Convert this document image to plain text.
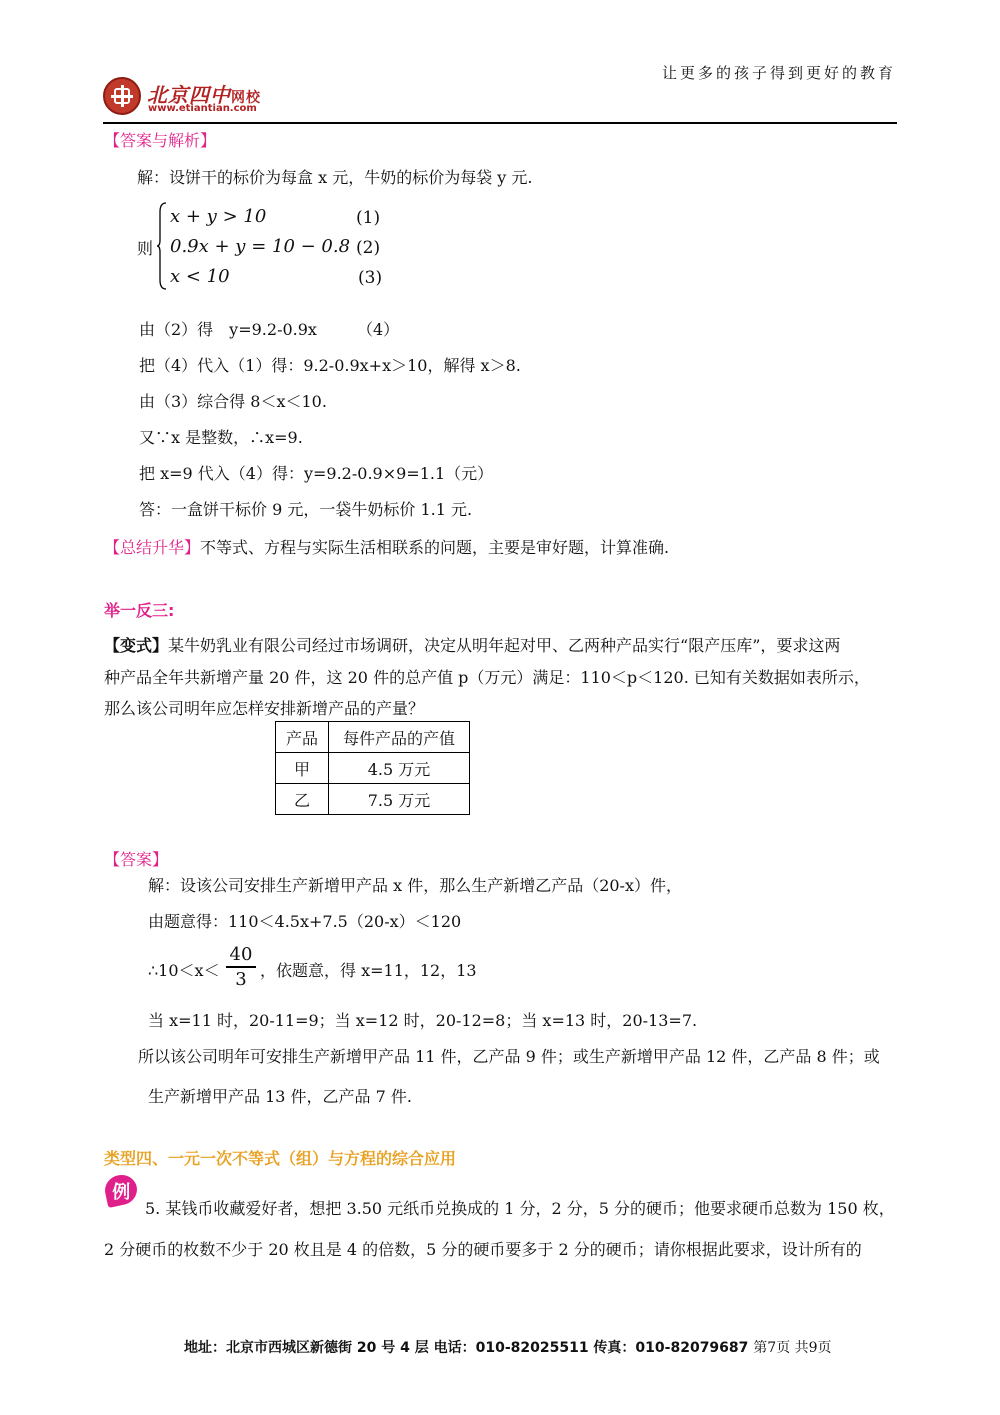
北京四中网校
www.etiantian.com
让更多的孩子得到更好的教育
【答案与解析】
解：设饼干的标价为每盒 x 元，牛奶的标价为每袋 y 元.
则
x + y > 10	(1)
0.9x + y = 10 − 0.8 (2)
x < 10	(3)
由（2）得　y=9.2-0.9x　　　（4）
把（4）代入（1）得：9.2-0.9x+x＞10，解得 x＞8.
由（3）综合得 8＜x＜10.
又∵x 是整数，∴x=9.
把 x=9 代入（4）得：y=9.2-0.9×9=1.1（元）
答：一盒饼干标价 9 元，一袋牛奶标价 1.1 元.
【总结升华】不等式、方程与实际生活相联系的问题，主要是审好题，计算准确.
举一反三:
【变式】某牛奶乳业有限公司经过市场调研，决定从明年起对甲、乙两种产品实行“限产压库”，要求这两
种产品全年共新增产量 20 件，这 20 件的总产值 p（万元）满足：110＜p＜120. 已知有关数据如表所示，
那么该公司明年应怎样安排新增产品的产量？
产品	每件产品的产值
甲	4.5 万元
乙	7.5 万元
【答案】
解：设该公司安排生产新增甲产品 x 件，那么生产新增乙产品（20-x）件，
由题意得：110＜4.5x+7.5（20-x）＜120
∴10＜x＜
40
3 ，依题意，得 x=11，12，13
当 x=11 时，20-11=9；当 x=12 时，20-12=8；当 x=13 时，20-13=7.
所以该公司明年可安排生产新增甲产品 11 件，乙产品 9 件；或生产新增甲产品 12 件，乙产品 8 件；或
生产新增甲产品 13 件，乙产品 7 件.
类型四、一元一次不等式（组）与方程的综合应用
例
5. 某钱币收藏爱好者，想把 3.50 元纸币兑换成的 1 分，2 分，5 分的硬币；他要求硬币总数为 150 枚，
2 分硬币的枚数不少于 20 枚且是 4 的倍数，5 分的硬币要多于 2 分的硬币；请你根据此要求，设计所有的
地址：北京市西城区新德街 20 号 4 层 电话：010-82025511 传真：010-82079687 第7页 共9页
